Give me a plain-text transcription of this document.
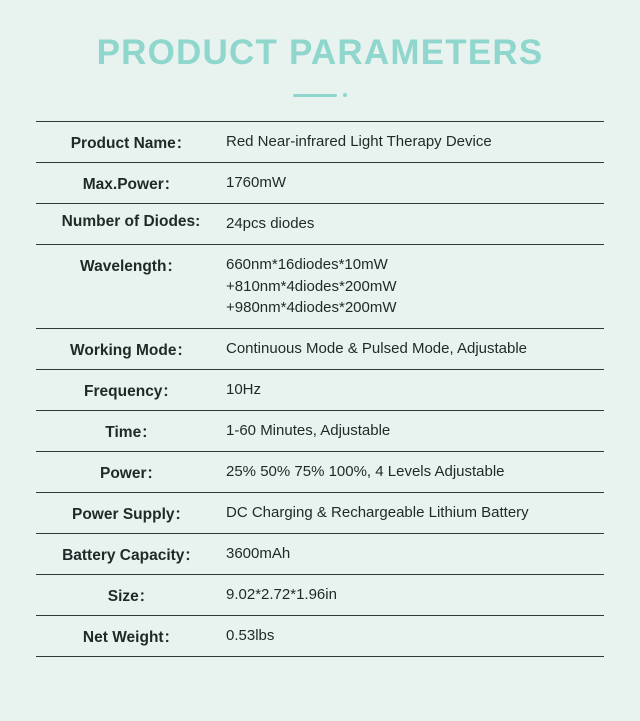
PRODUCT PARAMETERS
Product Name：	Red Near-infrared Light Therapy Device

Max.Power：	1760mW

Number of Diodes:	24pcs diodes

Wavelength：	660nm*16diodes*10mW
+810nm*4diodes*200mW
+980nm*4diodes*200mW

Working Mode：	Continuous Mode & Pulsed Mode, Adjustable

Frequency：	10Hz

Time：	1-60 Minutes, Adjustable

Power：	25% 50% 75% 100%, 4 Levels Adjustable

Power Supply：	DC Charging & Rechargeable Lithium Battery

Battery Capacity：	3600mAh

Size：	9.02*2.72*1.96in

Net Weight：	0.53lbs
